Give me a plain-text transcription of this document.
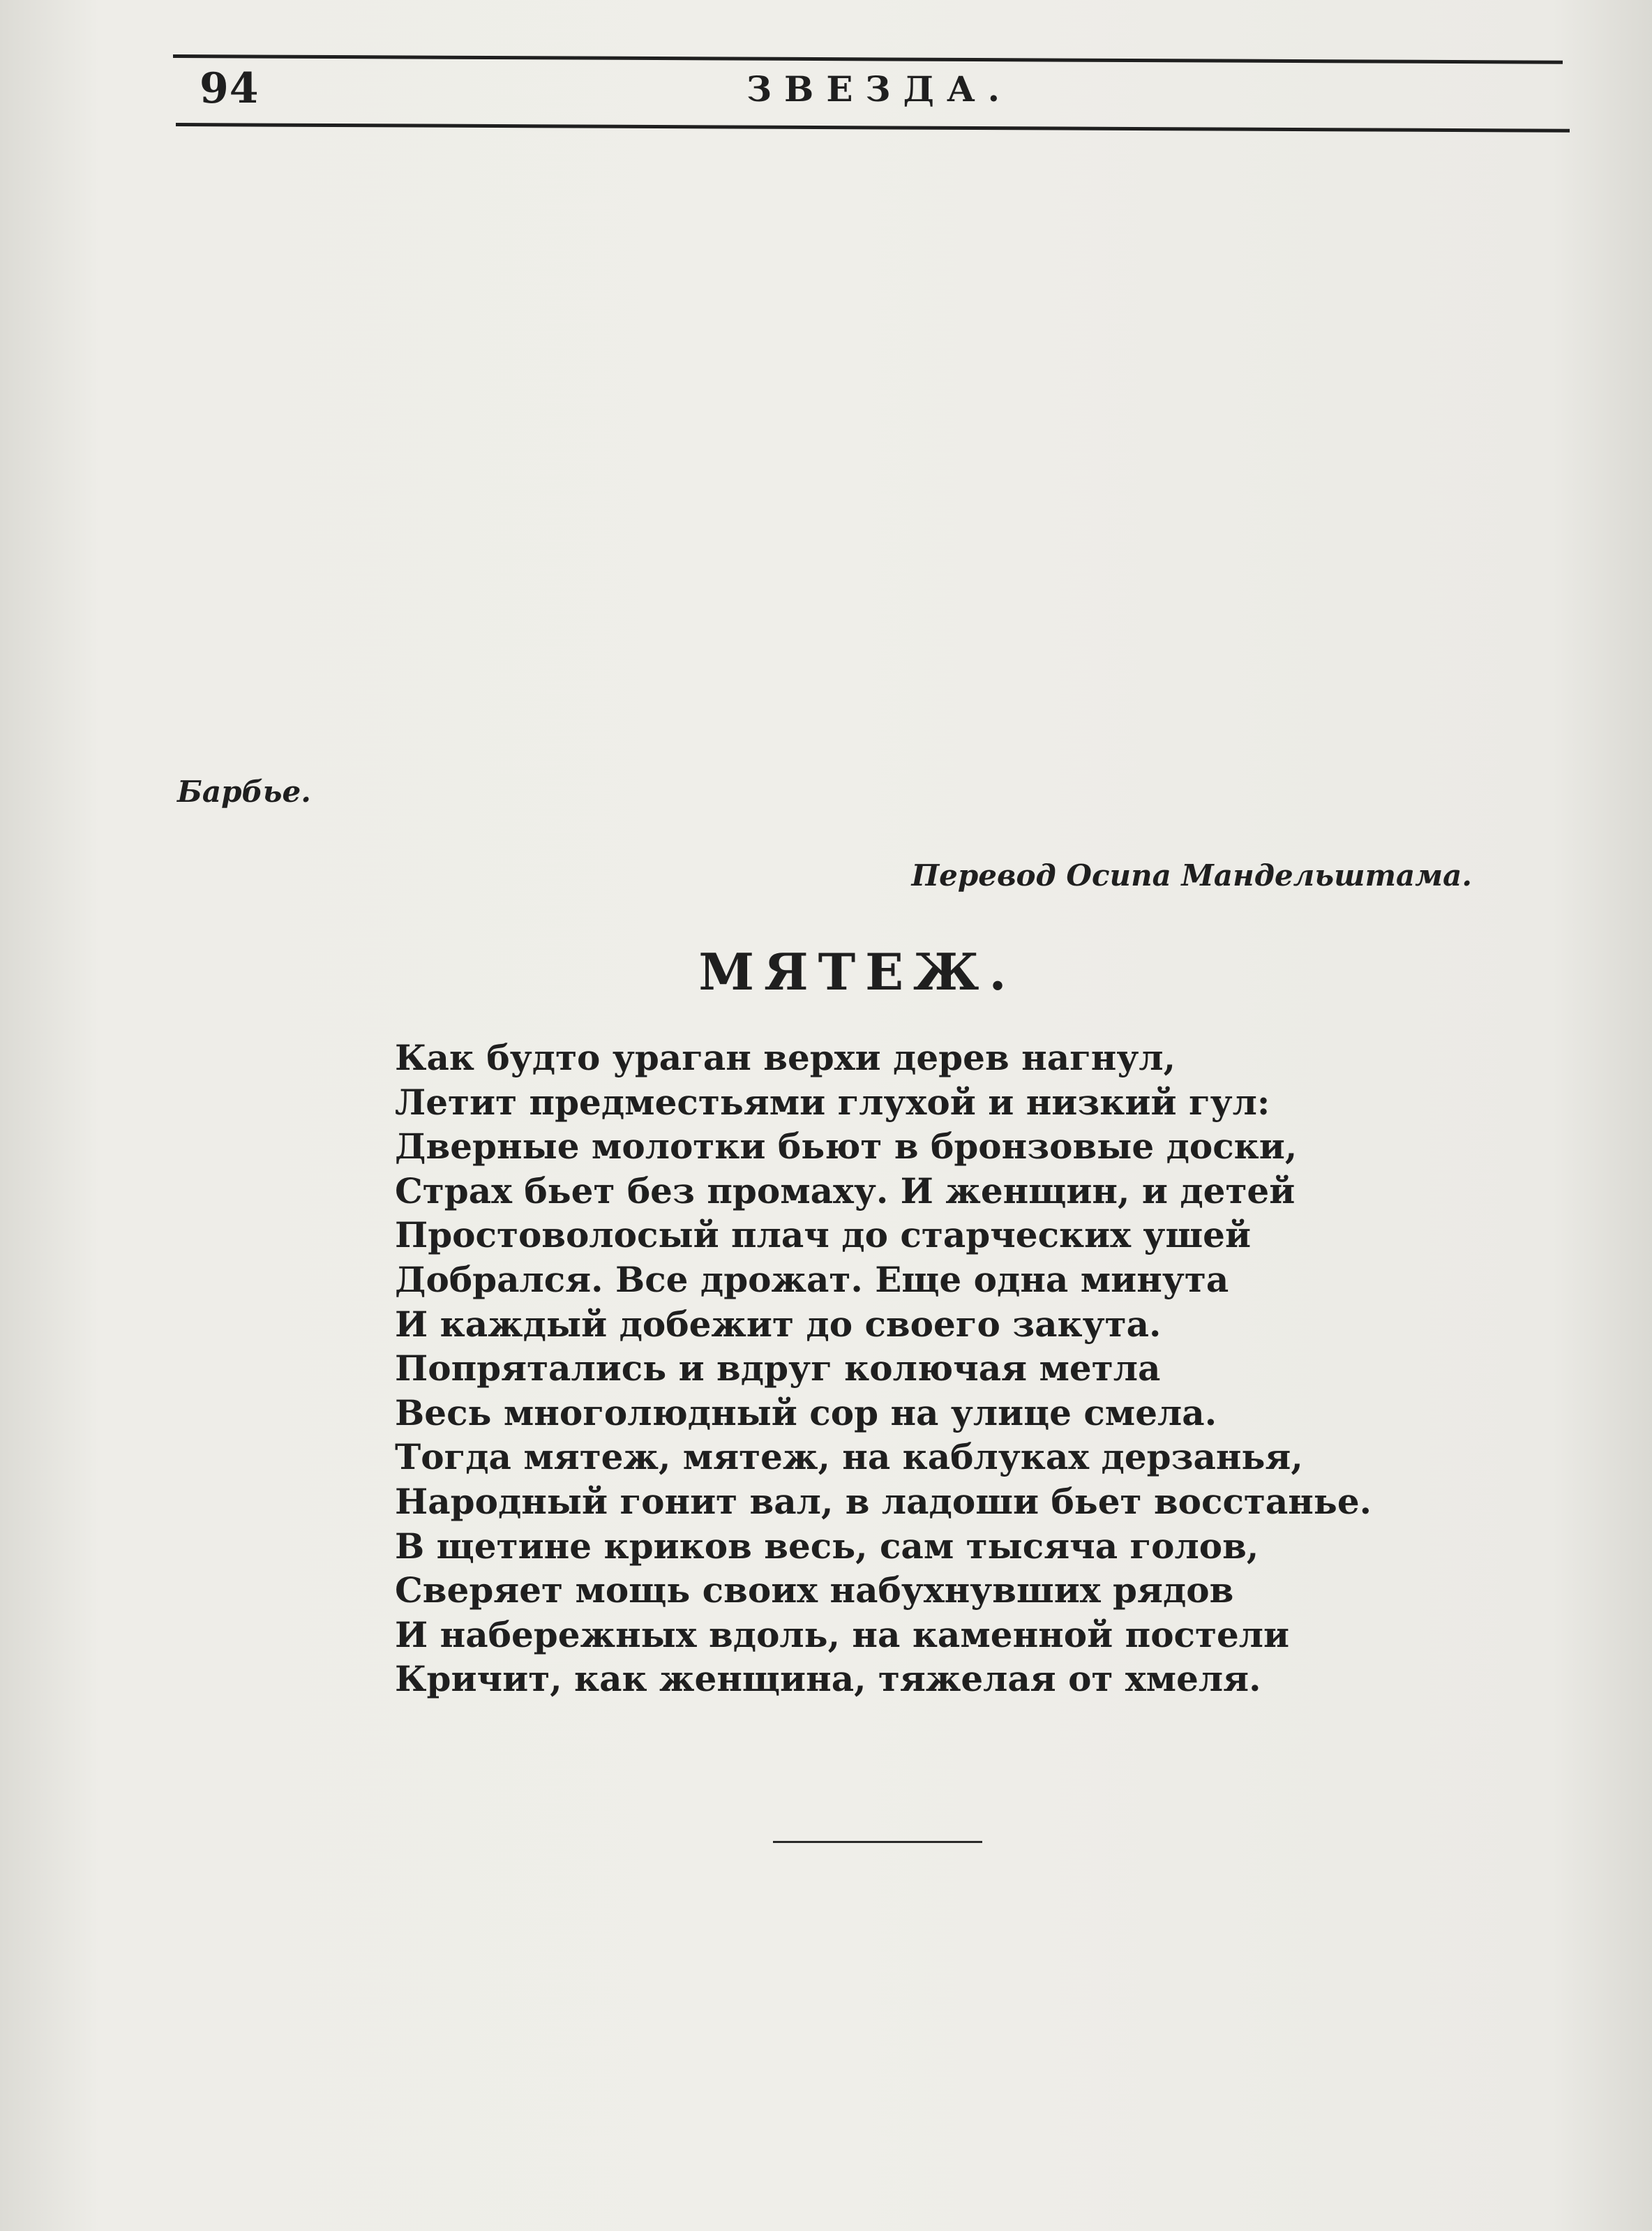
94	ЗВЕЗДА.
Барбье.
Перевод Осипа Мандельштама.
МЯТЕЖ.
Как будто ураган верхи дерев нагнул,
Летит предместьями глухой и низкий гул:
Дверные молотки бьют в бронзовые доски,
Страх бьет без промаху. И женщин, и детей
Простоволосый плач до старческих ушей
Добрался. Все дрожат. Еще одна минута
И каждый добежит до своего закута.
Попрятались и вдруг колючая метла
Весь многолюдный сор на улице смела.
Тогда мятеж, мятеж, на каблуках дерзанья,
Народный гонит вал, в ладоши бьет восстанье.
В щетине криков весь, сам тысяча голов,
Сверяет мощь своих набухнувших рядов
И набережных вдоль, на каменной постели
Кричит, как женщина, тяжелая от хмеля.
